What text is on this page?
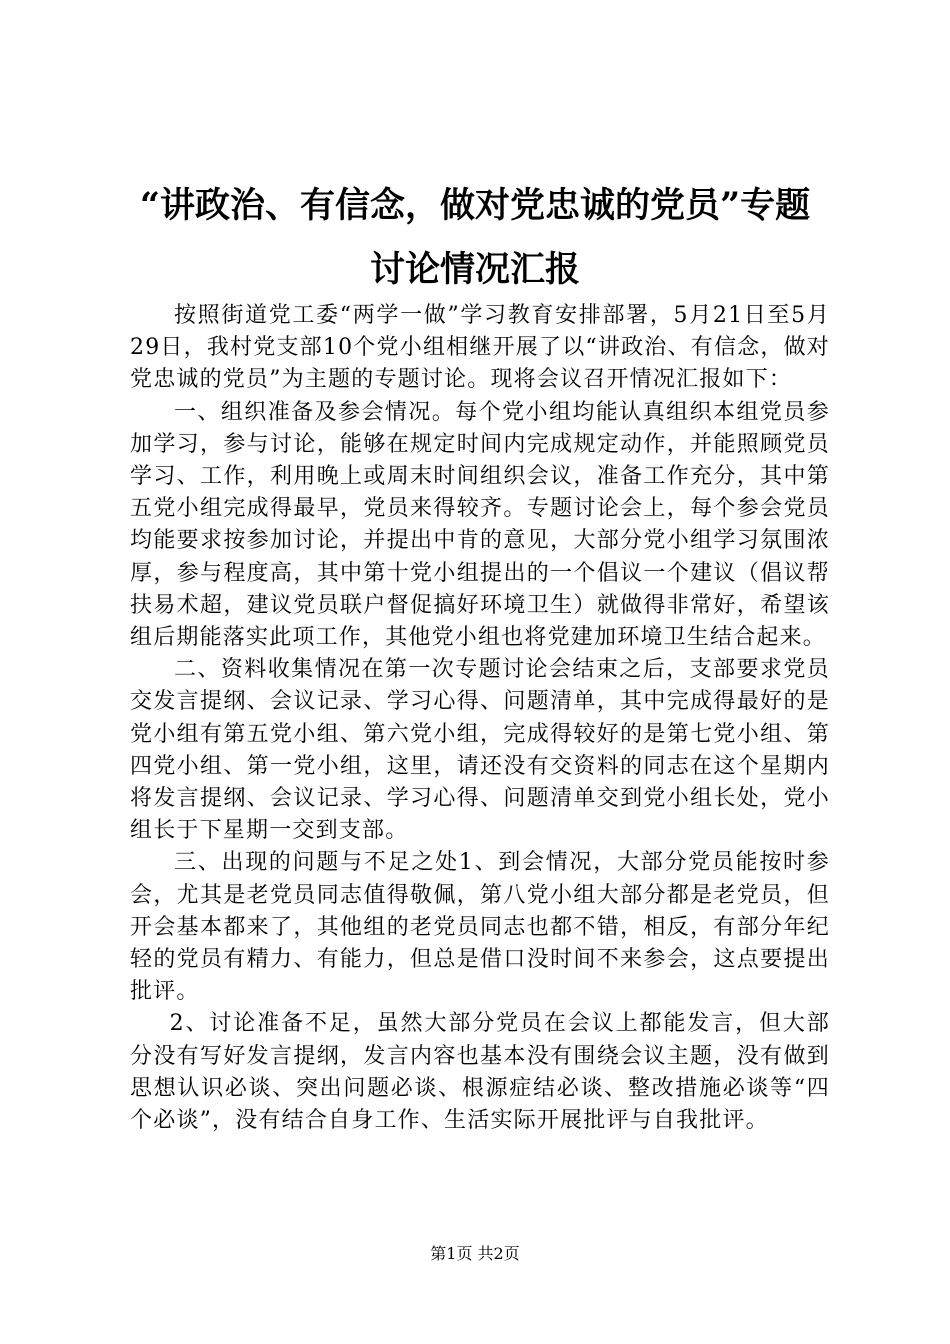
“讲政治、有信念，做对党忠诚的党员”专题
讨论情况汇报

按照街道党工委“两学一做”学习教育安排部署，5月21日至5月29日，我村党支部10个党小组相继开展了以“讲政治、有信念，做对党忠诚的党员”为主题的专题讨论。现将会议召开情况汇报如下：

一、组织准备及参会情况。每个党小组均能认真组织本组党员参加学习，参与讨论，能够在规定时间内完成规定动作，并能照顾党员学习、工作，利用晚上或周末时间组织会议，准备工作充分，其中第五党小组完成得最早，党员来得较齐。专题讨论会上，每个参会党员均能要求按参加讨论，并提出中肯的意见，大部分党小组学习氛围浓厚，参与程度高，其中第十党小组提出的一个倡议一个建议（倡议帮扶易术超，建议党员联户督促搞好环境卫生）就做得非常好，希望该组后期能落实此项工作，其他党小组也将党建加环境卫生结合起来。

二、资料收集情况在第一次专题讨论会结束之后，支部要求党员交发言提纲、会议记录、学习心得、问题清单，其中完成得最好的是党小组有第五党小组、第六党小组，完成得较好的是第七党小组、第四党小组、第一党小组，这里，请还没有交资料的同志在这个星期内将发言提纲、会议记录、学习心得、问题清单交到党小组长处，党小组长于下星期一交到支部。

三、出现的问题与不足之处1、到会情况，大部分党员能按时参会，尤其是老党员同志值得敬佩，第八党小组大部分都是老党员，但开会基本都来了，其他组的老党员同志也都不错，相反，有部分年纪轻的党员有精力、有能力，但总是借口没时间不来参会，这点要提出批评。

2、讨论准备不足，虽然大部分党员在会议上都能发言，但大部分没有写好发言提纲，发言内容也基本没有围绕会议主题，没有做到思想认识必谈、突出问题必谈、根源症结必谈、整改措施必谈等“四个必谈”，没有结合自身工作、生活实际开展批评与自我批评。

第1页 共2页
